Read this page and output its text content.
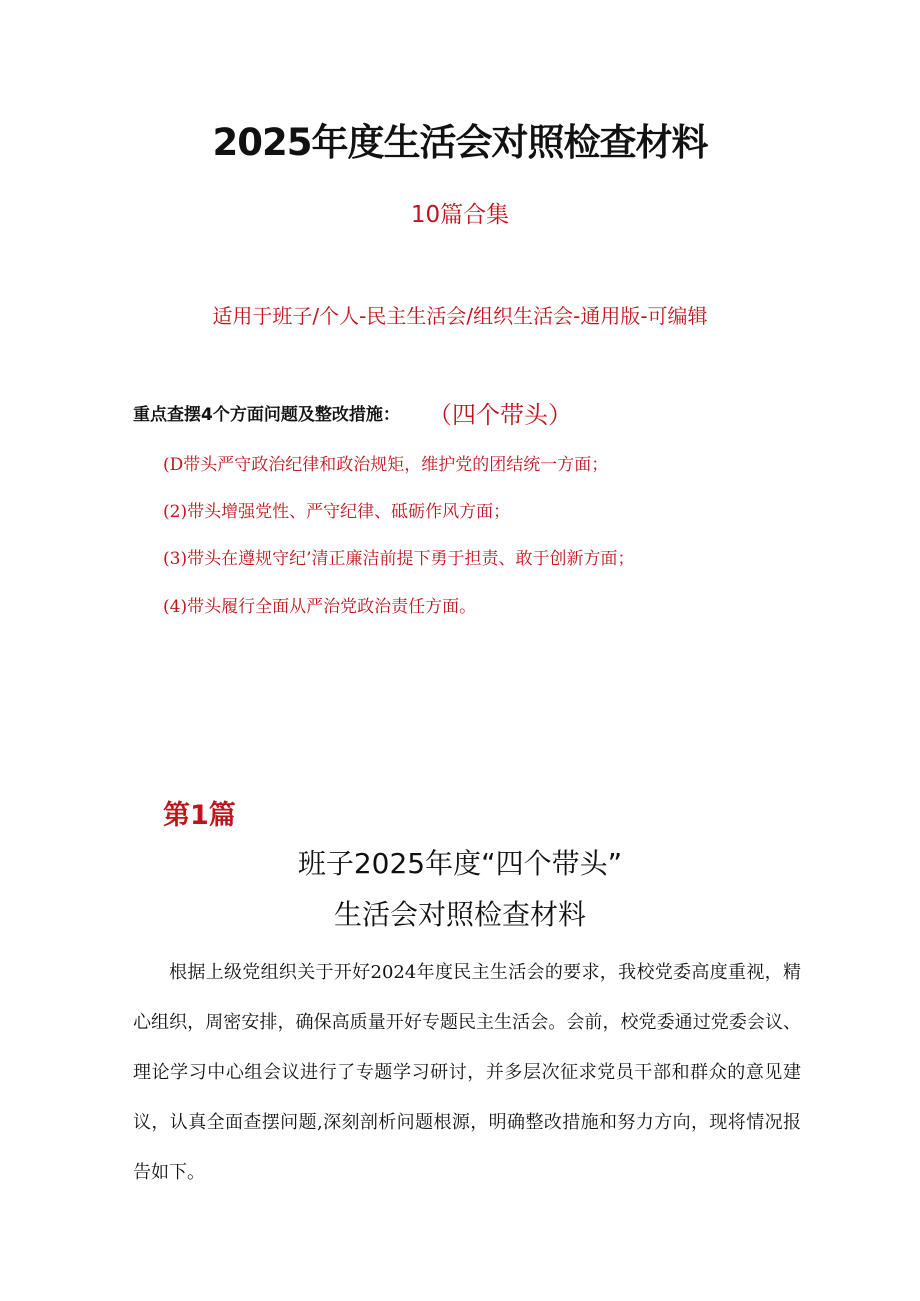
2025年度生活会对照检查材料
10篇合集
适用于班子/个人-民主生活会/组织生活会-通用版-可编辑
重点查摆4个方面问题及整改措施： （四个带头）
(D带头严守政治纪律和政治规矩，维护党的团结统一方面；
(2)带头增强党性、严守纪律、砥砺作风方面；
(3)带头在遵规守纪’清正廉洁前提下勇于担责、敢于创新方面；
(4)带头履行全面从严治党政治责任方面。
第1篇
班子2025年度“四个带头”
生活会对照检查材料
根据上级党组织关于开好2024年度民主生活会的要求，我校党委高度重视，精心组织，周密安排，确保高质量开好专题民主生活会。会前，校党委通过党委会议、理论学习中心组会议进行了专题学习研讨，并多层次征求党员干部和群众的意见建议，认真全面查摆问题,深刻剖析问题根源，明确整改措施和努力方向，现将情况报告如下。
